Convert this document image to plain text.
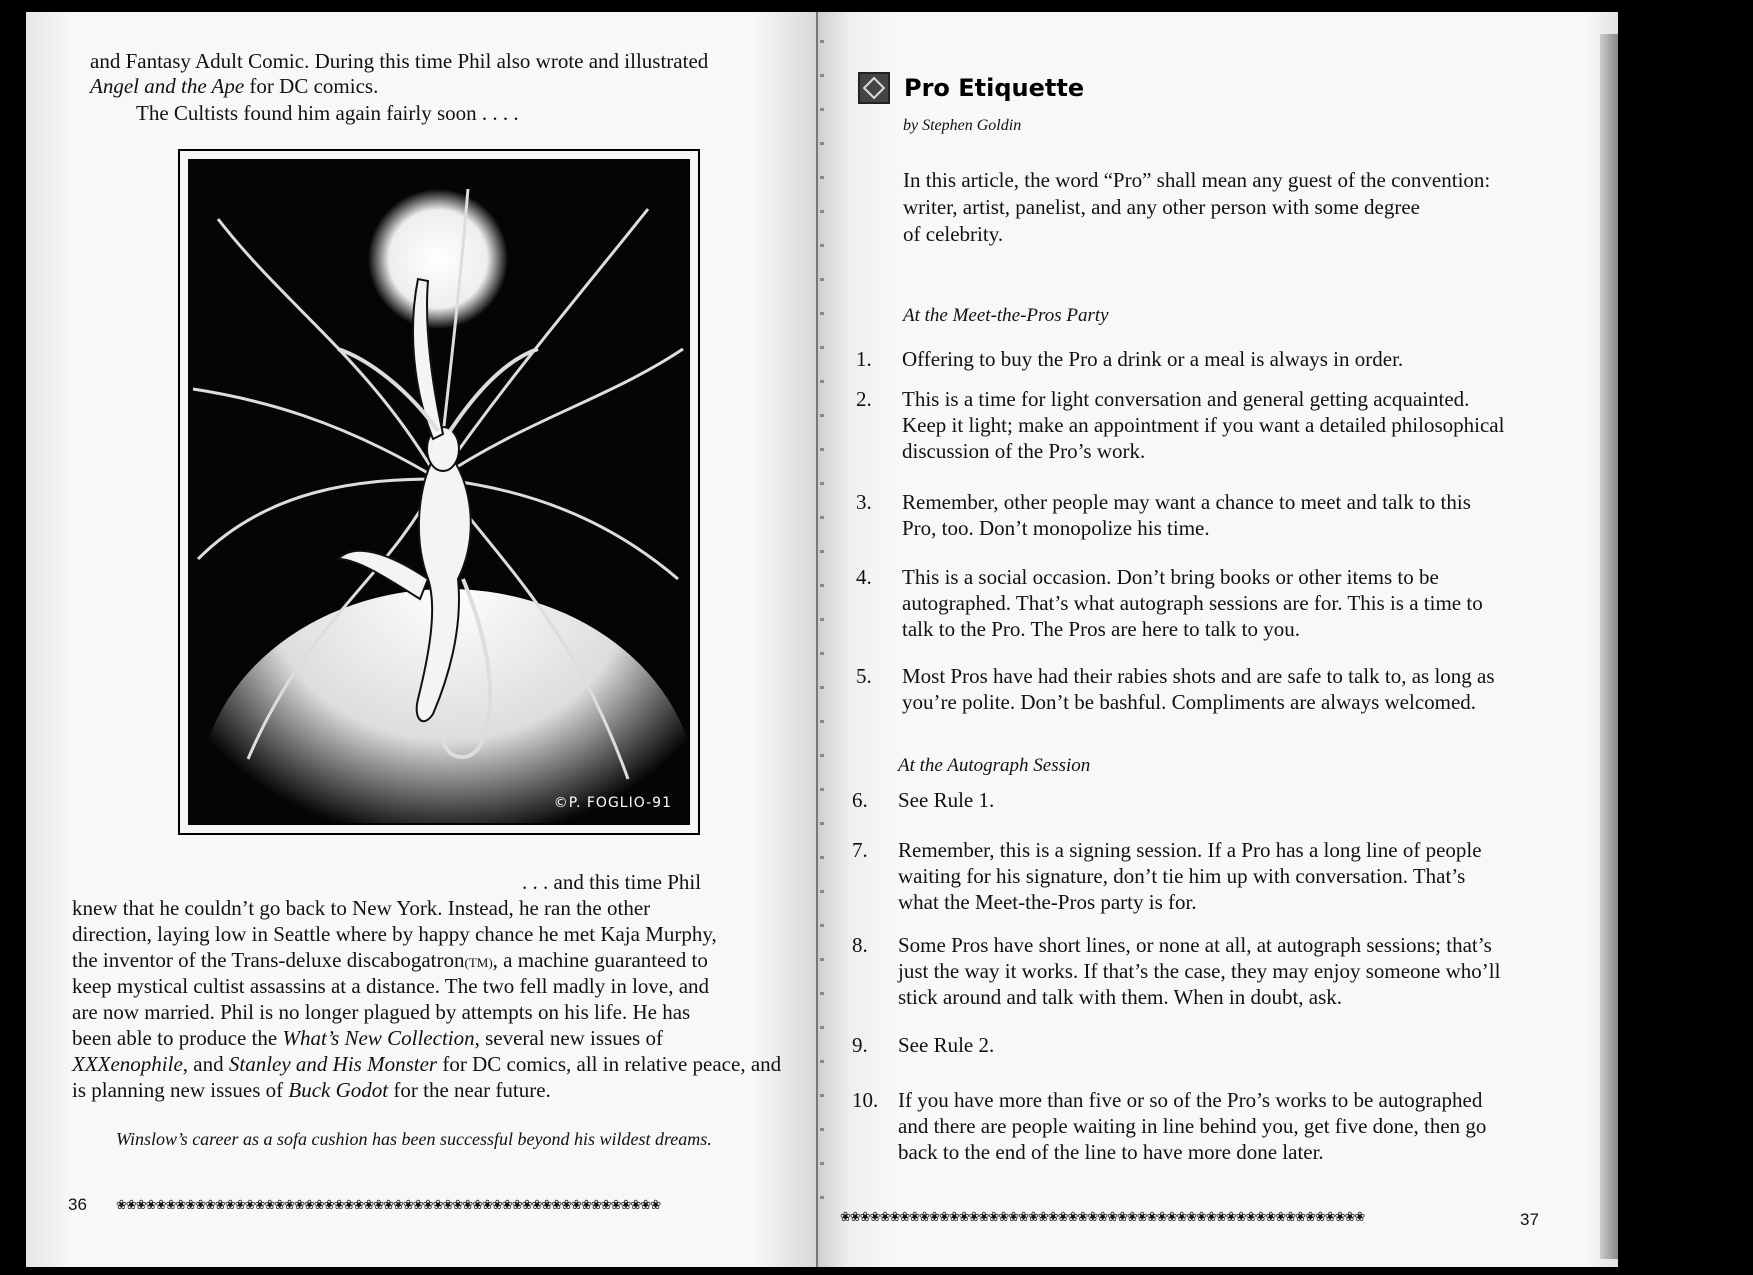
and Fantasy Adult Comic. During this time Phil also wrote and illustrated
Angel and the Ape for DC comics.
The Cultists found him again fairly soon . . . .
©P. FOGLIO-91
. . . and this time Phil
knew that he couldn’t go back to New York. Instead, he ran the other
direction, laying low in Seattle where by happy chance he met Kaja Murphy,
the inventor of the Trans-deluxe discabogatron(TM), a machine guaranteed to
keep mystical cultist assassins at a distance. The two fell madly in love, and
are now married. Phil is no longer plagued by attempts on his life. He has
been able to produce the What’s New Collection, several new issues of
XXXenophile, and Stanley and His Monster for DC comics, all in relative peace, and
is planning new issues of Buck Godot for the near future.
Winslow’s career as a sofa cushion has been successful beyond his wildest dreams.
36 ❀❀❀❀❀❀❀❀❀❀❀❀❀❀❀❀❀❀❀❀❀❀❀❀❀❀❀❀❀❀❀❀❀❀❀❀❀❀❀❀❀❀❀❀❀❀❀❀❀❀❀❀❀❀❀
Pro Etiquette
by Stephen Goldin
In this article, the word “Pro” shall mean any guest of the convention:
writer, artist, panelist, and any other person with some degree
of celebrity.
At the Meet-the-Pros Party
1.	Offering to buy the Pro a drink or a meal is always in order.
2.	This is a time for light conversation and general getting acquainted.
Keep it light; make an appointment if you want a detailed philosophical
discussion of the Pro’s work.
3.	Remember, other people may want a chance to meet and talk to this
Pro, too. Don’t monopolize his time.
4.	This is a social occasion. Don’t bring books or other items to be
autographed. That’s what autograph sessions are for. This is a time to
talk to the Pro. The Pros are here to talk to you.
5.	Most Pros have had their rabies shots and are safe to talk to, as long as
you’re polite. Don’t be bashful. Compliments are always welcomed.
At the Autograph Session
6.	See Rule 1.
7.	Remember, this is a signing session. If a Pro has a long line of people
waiting for his signature, don’t tie him up with conversation. That’s
what the Meet-the-Pros party is for.
8.	Some Pros have short lines, or none at all, at autograph sessions; that’s
just the way it works. If that’s the case, they may enjoy someone who’ll
stick around and talk with them. When in doubt, ask.
9.	See Rule 2.
10. If you have more than five or so of the Pro’s works to be autographed
and there are people waiting in line behind you, get five done, then go
back to the end of the line to have more done later.
❀❀❀❀❀❀❀❀❀❀❀❀❀❀❀❀❀❀❀❀❀❀❀❀❀❀❀❀❀❀❀❀❀❀❀❀❀❀❀❀❀❀❀❀❀❀❀❀❀❀❀❀❀	37
